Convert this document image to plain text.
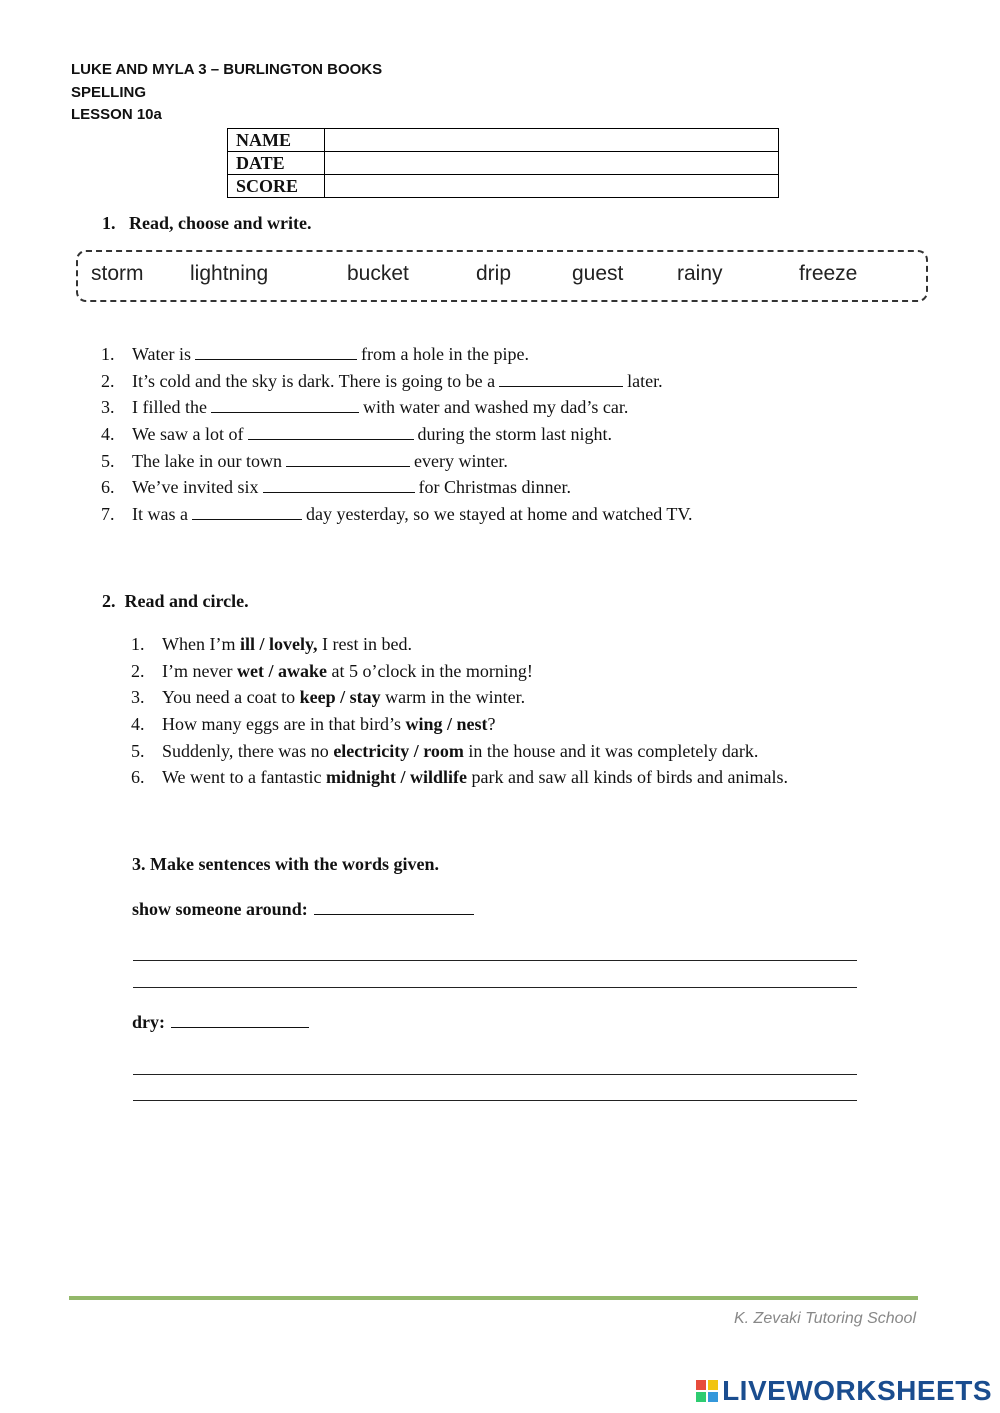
LUKE AND MYLA 3 – BURLINGTON BOOKS
SPELLING
LESSON 10a
NAME	
DATE	
SCORE	
1.   Read, choose and write.
storm lightning	bucket	drip	guest	rainy	freeze
1. Water is	from a hole in the pipe.
2. It’s cold and the sky is dark. There is going to be a	later.
3. I filled the	with water and washed my dad’s car.
4. We saw a lot of	during the storm last night.
5. The lake in our town	every winter.
6. We’ve invited six	for Christmas dinner.
7. It was a	day yesterday, so we stayed at home and watched TV.
2.  Read and circle.
1. When I’m ill / lovely, I rest in bed.
2. I’m never wet / awake at 5 o’clock in the morning!
3. You need a coat to keep / stay warm in the winter.
4. How many eggs are in that bird’s wing / nest?
5. Suddenly, there was no electricity / room in the house and it was completely dark.
6. We went to a fantastic midnight / wildlife park and saw all kinds of birds and animals.
3. Make sentences with the words given.
show someone around:
dry:
K. Zevaki Tutoring School
LIVEWORKSHEETS
